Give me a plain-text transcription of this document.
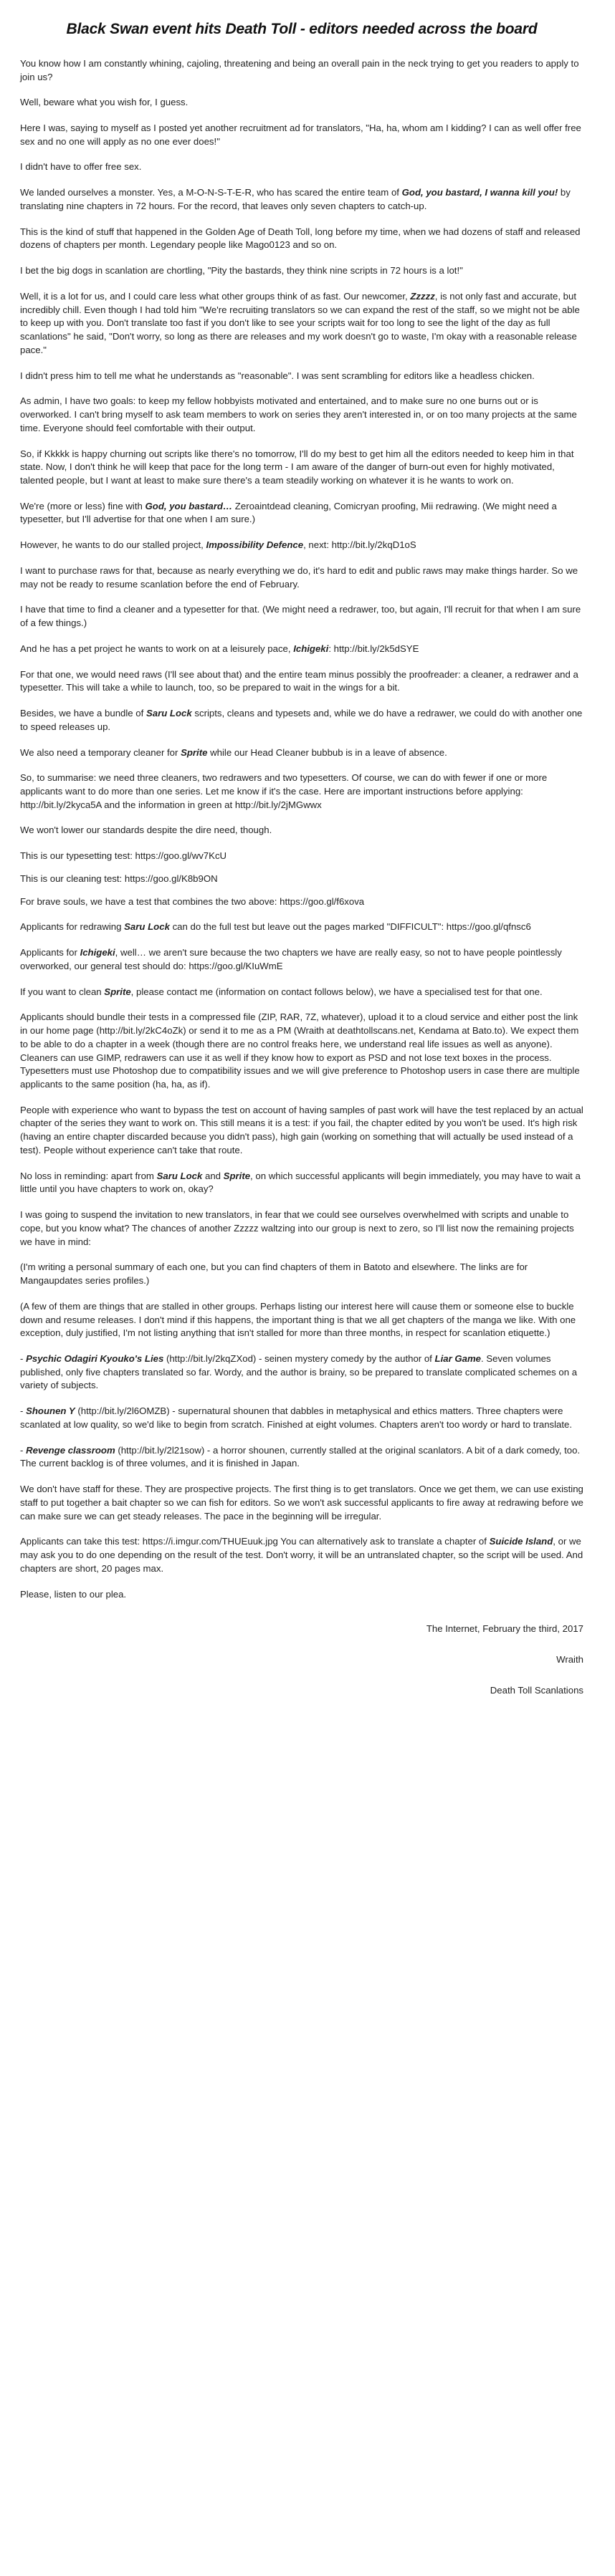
Black Swan event hits Death Toll - editors needed across the board

You know how I am constantly whining, cajoling, threatening and being an overall pain in the neck trying to get you readers to apply to join us?

Well, beware what you wish for, I guess.

Here I was, saying to myself as I posted yet another recruitment ad for translators, "Ha, ha, whom am I kidding? I can as well offer free sex and no one will apply as no one ever does!"

I didn't have to offer free sex.

We landed ourselves a monster. Yes, a M-O-N-S-T-E-R, who has scared the entire team of God, you bastard, I wanna kill you! by translating nine chapters in 72 hours. For the record, that leaves only seven chapters to catch-up.

This is the kind of stuff that happened in the Golden Age of Death Toll, long before my time, when we had dozens of staff and released dozens of chapters per month. Legendary people like Mago0123 and so on.

I bet the big dogs in scanlation are chortling, "Pity the bastards, they think nine scripts in 72 hours is a lot!"

Well, it is a lot for us, and I could care less what other groups think of as fast. Our newcomer, Zzzzz, is not only fast and accurate, but incredibly chill. Even though I had told him "We're recruiting translators so we can expand the rest of the staff, so we might not be able to keep up with you. Don't translate too fast if you don't like to see your scripts wait for too long to see the light of the day as full scanlations" he said, "Don't worry, so long as there are releases and my work doesn't go to waste, I'm okay with a reasonable release pace."

I didn't press him to tell me what he understands as "reasonable". I was sent scrambling for editors like a headless chicken.

As admin, I have two goals: to keep my fellow hobbyists motivated and entertained, and to make sure no one burns out or is overworked. I can't bring myself to ask team members to work on series they aren't interested in, or on too many projects at the same time. Everyone should feel comfortable with their output.

So, if Kkkkk is happy churning out scripts like there's no tomorrow, I'll do my best to get him all the editors needed to keep him in that state. Now, I don't think he will keep that pace for the long term - I am aware of the danger of burn-out even for highly motivated, talented people, but I want at least to make sure there's a team steadily working on whatever it is he wants to work on.

We're (more or less) fine with God, you bastard… Zeroaintdead cleaning, Comicryan proofing, Mii redrawing. (We might need a typesetter, but I'll advertise for that one when I am sure.)

However, he wants to do our stalled project, Impossibility Defence, next: http://bit.ly/2kqD1oS

I want to purchase raws for that, because as nearly everything we do, it's hard to edit and public raws may make things harder. So we may not be ready to resume scanlation before the end of February.

I have that time to find a cleaner and a typesetter for that. (We might need a redrawer, too, but again, I'll recruit for that when I am sure of a few things.)

And he has a pet project he wants to work on at a leisurely pace, Ichigeki: http://bit.ly/2k5dSYE

For that one, we would need raws (I'll see about that) and the entire team minus possibly the proofreader: a cleaner, a redrawer and a typesetter. This will take a while to launch, too, so be prepared to wait in the wings for a bit.

Besides, we have a bundle of Saru Lock scripts, cleans and typesets and, while we do have a redrawer, we could do with another one to speed releases up.

We also need a temporary cleaner for Sprite while our Head Cleaner bubbub is in a leave of absence.

So, to summarise: we need three cleaners, two redrawers and two typesetters. Of course, we can do with fewer if one or more applicants want to do more than one series. Let me know if it's the case. Here are important instructions before applying: http://bit.ly/2kyca5A and the information in green at http://bit.ly/2jMGwwx

We won't lower our standards despite the dire need, though.

This is our typesetting test: https://goo.gl/wv7KcU

This is our cleaning test: https://goo.gl/K8b9ON

For brave souls, we have a test that combines the two above: https://goo.gl/f6xova

Applicants for redrawing Saru Lock can do the full test but leave out the pages marked "DIFFICULT": https://goo.gl/qfnsc6

Applicants for Ichigeki, well… we aren't sure because the two chapters we have are really easy, so not to have people pointlessly overworked, our general test should do: https://goo.gl/KIuWmE

If you want to clean Sprite, please contact me (information on contact follows below), we have a specialised test for that one.

Applicants should bundle their tests in a compressed file (ZIP, RAR, 7Z, whatever), upload it to a cloud service and either post the link in our home page (http://bit.ly/2kC4oZk) or send it to me as a PM (Wraith at deathtollscans.net, Kendama at Bato.to). We expect them to be able to do a chapter in a week (though there are no control freaks here, we understand real life issues as well as anyone). Cleaners can use GIMP, redrawers can use it as well if they know how to export as PSD and not lose text boxes in the process. Typesetters must use Photoshop due to compatibility issues and we will give preference to Photoshop users in case there are multiple applicants to the same position (ha, ha, as if).

People with experience who want to bypass the test on account of having samples of past work will have the test replaced by an actual chapter of the series they want to work on. This still means it is a test: if you fail, the chapter edited by you won't be used. It's high risk (having an entire chapter discarded because you didn't pass), high gain (working on something that will actually be used instead of a test). People without experience can't take that route.

No loss in reminding: apart from Saru Lock and Sprite, on which successful applicants will begin immediately, you may have to wait a little until you have chapters to work on, okay?

I was going to suspend the invitation to new translators, in fear that we could see ourselves overwhelmed with scripts and unable to cope, but you know what? The chances of another Zzzzz waltzing into our group is next to zero, so I'll list now the remaining projects we have in mind:

(I'm writing a personal summary of each one, but you can find chapters of them in Batoto and elsewhere. The links are for Mangaupdates series profiles.)

(A few of them are things that are stalled in other groups. Perhaps listing our interest here will cause them or someone else to buckle down and resume releases. I don't mind if this happens, the important thing is that we all get chapters of the manga we like. With one exception, duly justified, I'm not listing anything that isn't stalled for more than three months, in respect for scanlation etiquette.)

- Psychic Odagiri Kyouko's Lies (http://bit.ly/2kqZXod) - seinen mystery comedy by the author of Liar Game. Seven volumes published, only five chapters translated so far. Wordy, and the author is brainy, so be prepared to translate complicated schemes on a variety of subjects.

- Shounen Y (http://bit.ly/2l6OMZB) - supernatural shounen that dabbles in metaphysical and ethics matters. Three chapters were scanlated at low quality, so we'd like to begin from scratch. Finished at eight volumes. Chapters aren't too wordy or hard to translate.

- Revenge classroom (http://bit.ly/2l21sow) - a horror shounen, currently stalled at the original scanlators. A bit of a dark comedy, too. The current backlog is of three volumes, and it is finished in Japan.

We don't have staff for these. They are prospective projects. The first thing is to get translators. Once we get them, we can use existing staff to put together a bait chapter so we can fish for editors. So we won't ask successful applicants to fire away at redrawing before we can make sure we can get steady releases. The pace in the beginning will be irregular.

Applicants can take this test: https://i.imgur.com/THUEuuk.jpg You can alternatively ask to translate a chapter of Suicide Island, or we may ask you to do one depending on the result of the test. Don't worry, it will be an untranslated chapter, so the script will be used. And chapters are short, 20 pages max.

Please, listen to our plea.

The Internet, February the third, 2017

Wraith

Death Toll Scanlations
